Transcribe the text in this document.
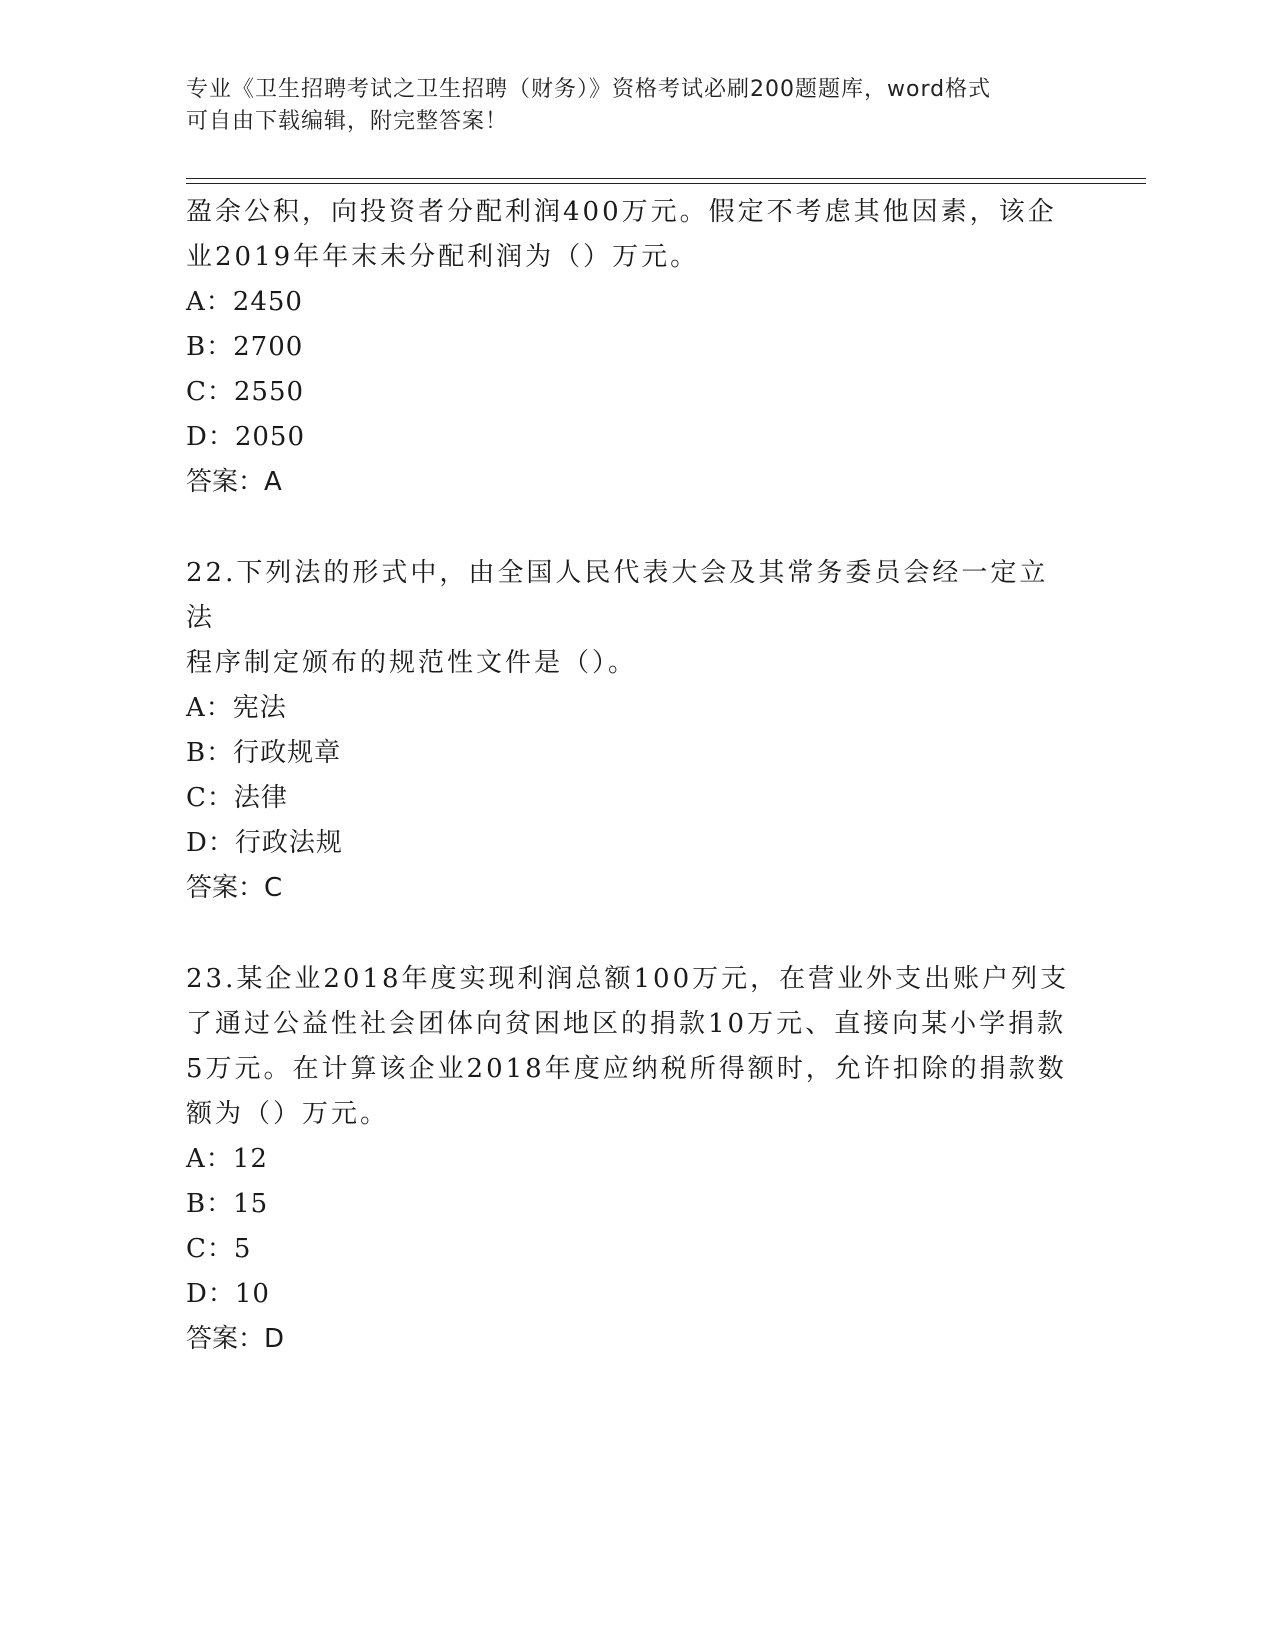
专业《卫生招聘考试之卫生招聘（财务）》资格考试必刷200题题库，word格式
可自由下载编辑，附完整答案！

盈余公积，向投资者分配利润400万元。假定不考虑其他因素，该企

业2019年年末未分配利润为（）万元。

A：2450

B：2700

C：2550

D：2050

答案：A

22.下列法的形式中，由全国人民代表大会及其常务委员会经一定立法

程序制定颁布的规范性文件是（）。

A：宪法

B：行政规章

C：法律

D：行政法规

答案：C

23.某企业2018年度实现利润总额100万元，在营业外支出账户列支

了通过公益性社会团体向贫困地区的捐款10万元、直接向某小学捐款

5万元。在计算该企业2018年度应纳税所得额时，允许扣除的捐款数

额为（）万元。

A：12

B：15

C：5

D：10

答案：D
